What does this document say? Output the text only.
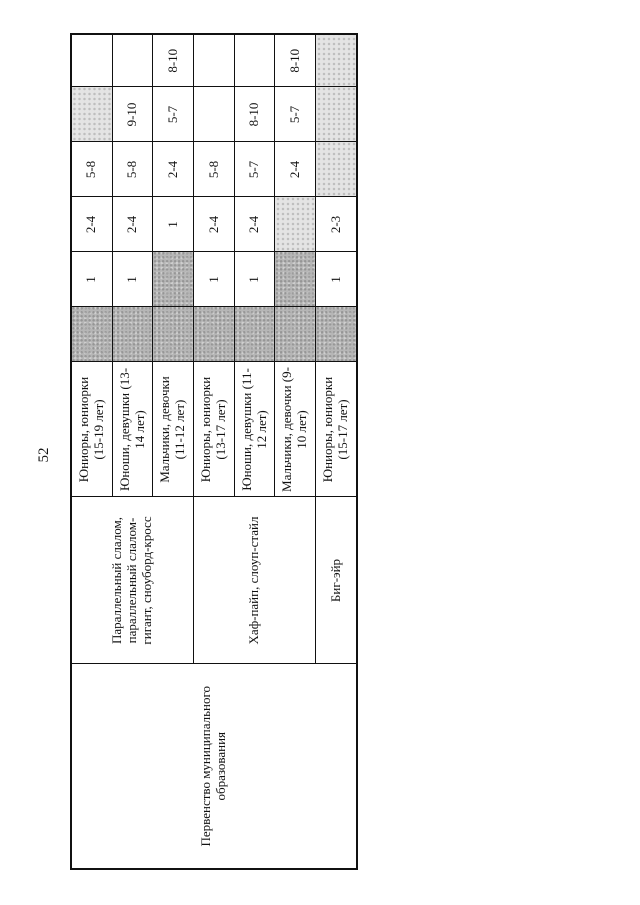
52
Первенство муниципального образования	Параллельный слалом, параллельный слалом-гигант, сноуборд-кросс	Юниоры, юниорки (15-19 лет)		1	2-4	5-8		
		Юноши, девушки (13-14 лет)		1	2-4	5-8	9-10	
		Мальчики, девочки (11-12 лет)			1	2-4	5-7	8-10
	Хаф-пайп, слоуп-стайл	Юниоры, юниорки (13-17 лет)		1	2-4	5-8		
		Юноши, девушки (11-12 лет)		1	2-4	5-7	8-10	
		Мальчики, девочки (9-10 лет)				2-4	5-7	8-10
	Биг-эйр	Юниоры, юниорки (15-17 лет)		1	2-3			
